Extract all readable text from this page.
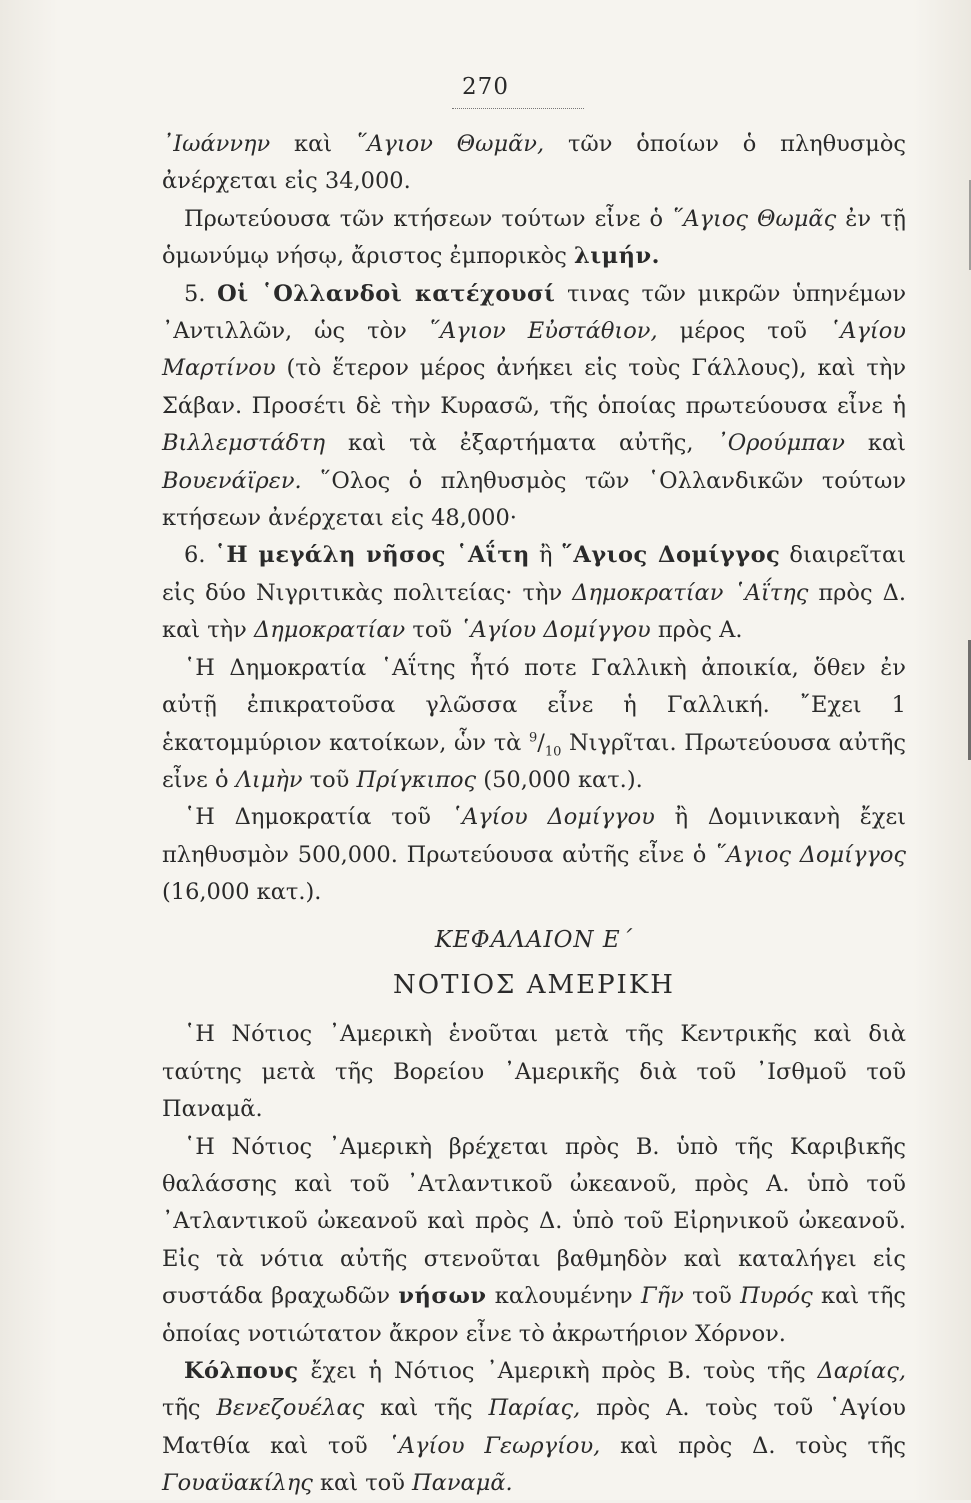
270

᾿Ιωάννην καὶ ῞Αγιον Θωμᾶν, τῶν ὁποίων ὁ πληθυσμὸς ἀνέρχεται εἰς 34,000.

Πρωτεύουσα τῶν κτήσεων τούτων εἶνε ὁ ῞Αγιος Θωμᾶς ἐν τῇ ὁμωνύμῳ νήσῳ, ἄριστος ἐμπορικὸς λιμήν.

5. Οἱ ῾Ολλανδοὶ κατέχουσί τινας τῶν μικρῶν ὑπηνέμων ᾿Αντιλλῶν, ὡς τὸν ῞Αγιον Εὐστάθιον, μέρος τοῦ ῾Αγίου Μαρτίνου (τὸ ἕτερον μέρος ἀνήκει εἰς τοὺς Γάλλους), καὶ τὴν Σάβαν. Προσέτι δὲ τὴν Κυρασῶ, τῆς ὁποίας πρωτεύουσα εἶνε ἡ Βιλλεμστάδτη καὶ τὰ ἐξαρτήματα αὐτῆς, ᾿Ορούμπαν καὶ Βουενάϊρεν. ῞Ολος ὁ πληθυσμὸς τῶν ῾Ολλανδικῶν τούτων κτήσεων ἀνέρχεται εἰς 48,000·

6. ῾Η μεγάλη νῆσος ῾Αΐτη ἢ ῞Αγιος Δομίγγος διαιρεῖται εἰς δύο Νιγριτικὰς πολιτείας· τὴν Δημοκρατίαν ῾Αΐτης πρὸς Δ. καὶ τὴν Δημοκρατίαν τοῦ ῾Αγίου Δομίγγου πρὸς Α.

῾Η Δημοκρατία ῾Αΐτης ἦτό ποτε Γαλλικὴ ἀποικία, ὅθεν ἐν αὐτῇ ἐπικρατοῦσα γλῶσσα εἶνε ἡ Γαλλική. ῎Εχει 1 ἑκατομμύριον κατοίκων, ὧν τὰ $^9/_{10}$ Νιγρῖται. Πρωτεύουσα αὐτῆς εἶνε ὁ Λιμὴν τοῦ Πρίγκιπος (50,000 κατ.).

῾Η Δημοκρατία τοῦ ῾Αγίου Δομίγγου ἢ Δομινικανὴ ἔχει πληθυσμὸν 500,000. Πρωτεύουσα αὐτῆς εἶνε ὁ ῞Αγιος Δομίγγος (16,000 κατ.).

ΚΕΦΑΛΑΙΟΝ Ε΄
ΝΟΤΙΟΣ ΑΜΕΡΙΚΗ

῾Η Νότιος ᾿Αμερικὴ ἑνοῦται μετὰ τῆς Κεντρικῆς καὶ διὰ ταύτης μετὰ τῆς Βορείου ᾿Αμερικῆς διὰ τοῦ ᾿Ισθμοῦ τοῦ Παναμᾶ.

῾Η Νότιος ᾿Αμερικὴ βρέχεται πρὸς Β. ὑπὸ τῆς Καριβικῆς θαλάσσης καὶ τοῦ ᾿Ατλαντικοῦ ὠκεανοῦ, πρὸς Α. ὑπὸ τοῦ ᾿Ατλαντικοῦ ὠκεανοῦ καὶ πρὸς Δ. ὑπὸ τοῦ Εἰρηνικοῦ ὠκεανοῦ. Εἰς τὰ νότια αὐτῆς στενοῦται βαθμηδὸν καὶ καταλήγει εἰς συστάδα βραχωδῶν νήσων καλουμένην Γῆν τοῦ Πυρός καὶ τῆς ὁποίας νοτιώτατον ἄκρον εἶνε τὸ ἀκρωτήριον Χόρνον.

Κόλπους ἔχει ἡ Νότιος ᾿Αμερικὴ πρὸς Β. τοὺς τῆς Δαρίας, τῆς Βενεζουέλας καὶ τῆς Παρίας, πρὸς Α. τοὺς τοῦ ῾Αγίου Ματθία καὶ τοῦ ῾Αγίου Γεωργίου, καὶ πρὸς Δ. τοὺς τῆς Γουαϋακίλης καὶ τοῦ Παναμᾶ.
